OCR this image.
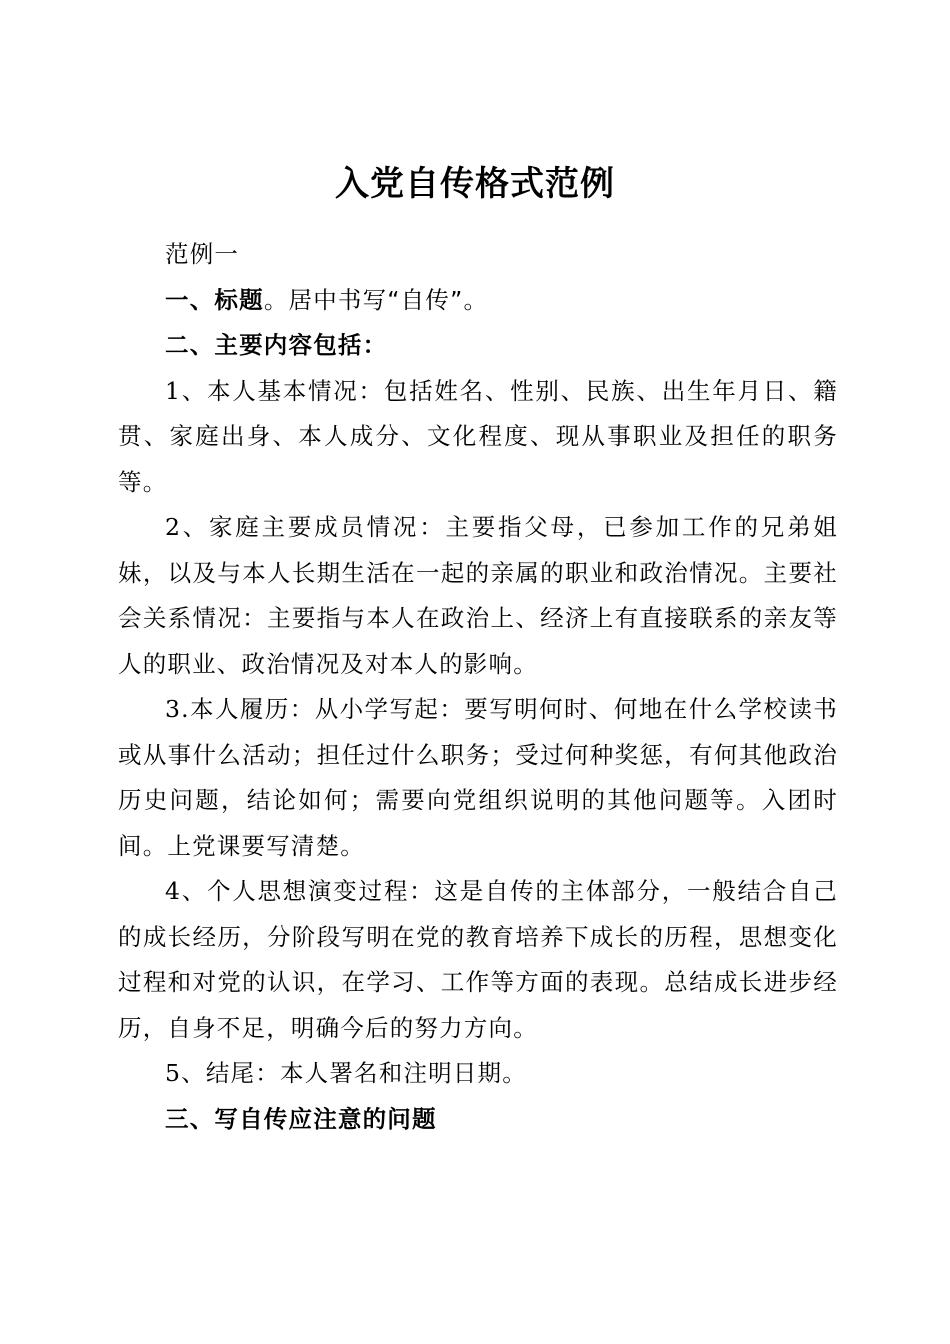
入党自传格式范例

范例一

一、标题。居中书写“自传”。

二、主要内容包括：

1、本人基本情况：包括姓名、性别、民族、出生年月日、籍贯、家庭出身、本人成分、文化程度、现从事职业及担任的职务等。

2、家庭主要成员情况：主要指父母，已参加工作的兄弟姐妹，以及与本人长期生活在一起的亲属的职业和政治情况。主要社会关系情况：主要指与本人在政治上、经济上有直接联系的亲友等人的职业、政治情况及对本人的影响。

3.本人履历：从小学写起：要写明何时、何地在什么学校读书或从事什么活动；担任过什么职务；受过何种奖惩，有何其他政治历史问题，结论如何；需要向党组织说明的其他问题等。入团时间。上党课要写清楚。

4、个人思想演变过程：这是自传的主体部分，一般结合自己的成长经历，分阶段写明在党的教育培养下成长的历程，思想变化过程和对党的认识，在学习、工作等方面的表现。总结成长进步经历，自身不足，明确今后的努力方向。

5、结尾：本人署名和注明日期。

三、写自传应注意的问题
